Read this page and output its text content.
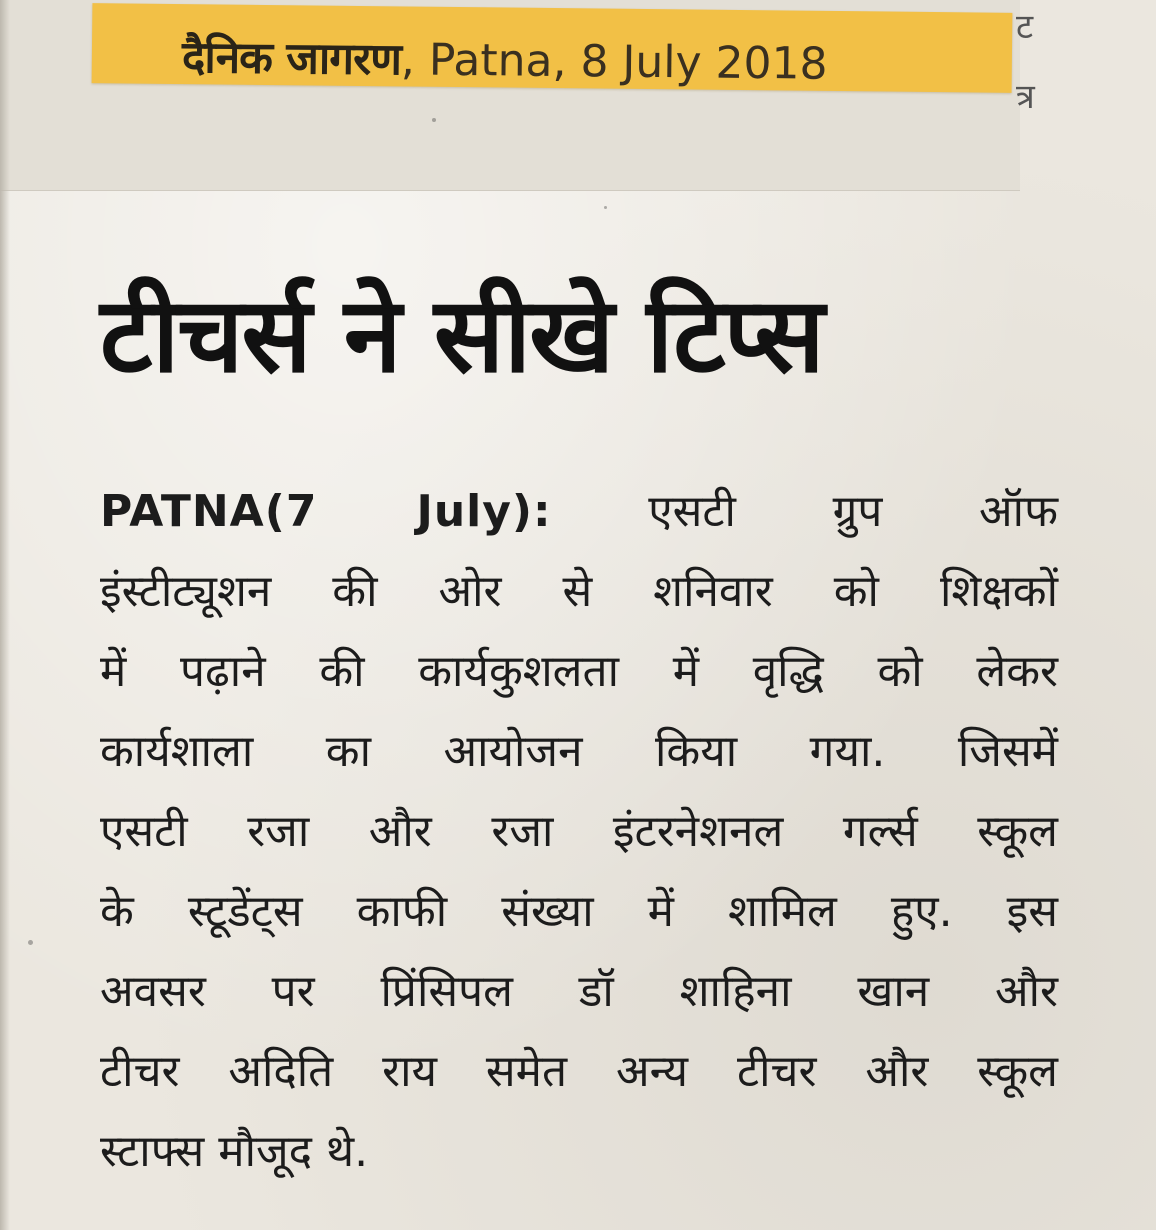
दैनिक जागरण, Patna, 8 July 2018
ट
त्र
टीचर्स ने सीखे टिप्स
PATNA(7 July): एसटी ग्रुप ऑफ
इंस्टीट्यूशन की ओर से शनिवार को शिक्षकों
में पढ़ाने की कार्यकुशलता में वृद्धि को लेकर
कार्यशाला का आयोजन किया गया. जिसमें
एसटी रजा और रजा इंटरनेशनल गर्ल्स स्कूल
के स्टूडेंट्स काफी संख्या में शामिल हुए. इस
अवसर पर प्रिंसिपल डॉ शाहिना खान और
टीचर अदिति राय समेत अन्य टीचर और स्कूल
स्टाफ्स मौजूद थे.
